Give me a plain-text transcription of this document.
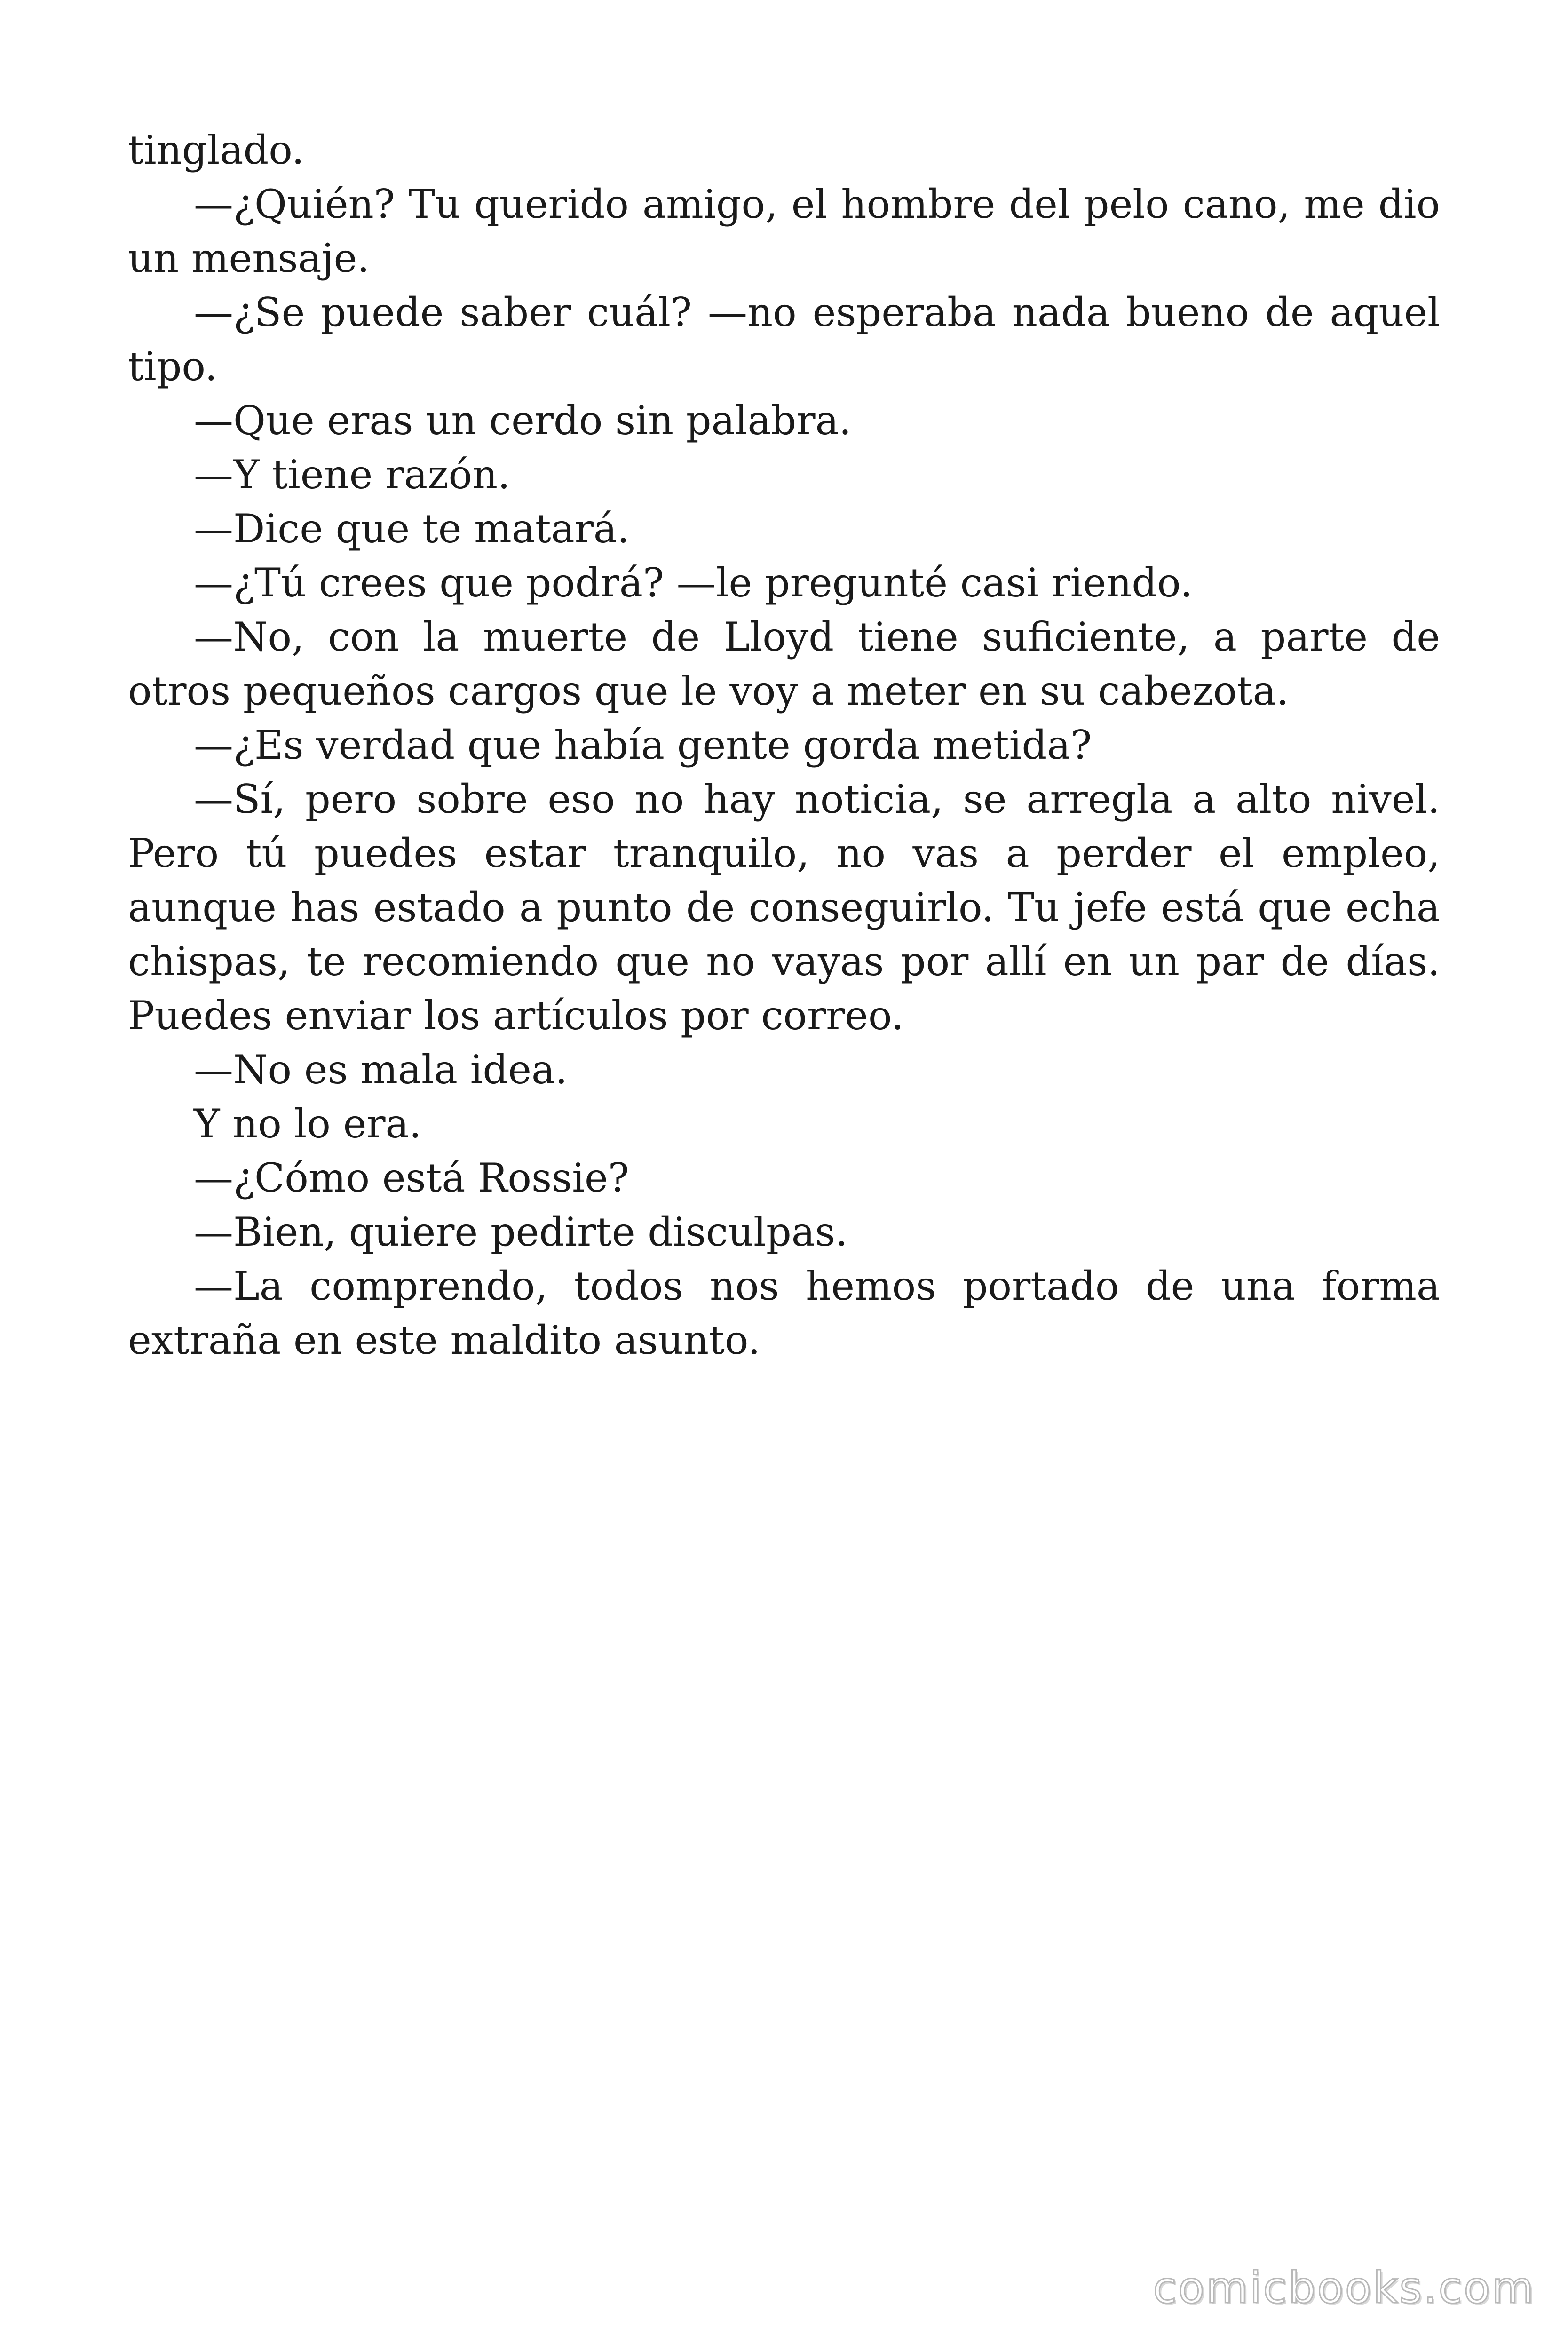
tinglado.

—¿Quién? Tu querido amigo, el hombre del pelo cano, me dio un mensaje.

—¿Se puede saber cuál? —no esperaba nada bueno de aquel tipo.

—Que eras un cerdo sin palabra.

—Y tiene razón.

—Dice que te matará.

—¿Tú crees que podrá? —le pregunté casi riendo.

—No, con la muerte de Lloyd tiene suficiente, a parte de otros pequeños cargos que le voy a meter en su cabezota.

—¿Es verdad que había gente gorda metida?

—Sí, pero sobre eso no hay noticia, se arregla a alto nivel. Pero tú puedes estar tranquilo, no vas a perder el empleo, aunque has estado a punto de conseguirlo. Tu jefe está que echa chispas, te recomiendo que no vayas por allí en un par de días. Puedes enviar los artículos por correo.

—No es mala idea.

Y no lo era.

—¿Cómo está Rossie?

—Bien, quiere pedirte disculpas.

—La comprendo, todos nos hemos portado de una forma extraña en este maldito asunto.

comicbooks.com
